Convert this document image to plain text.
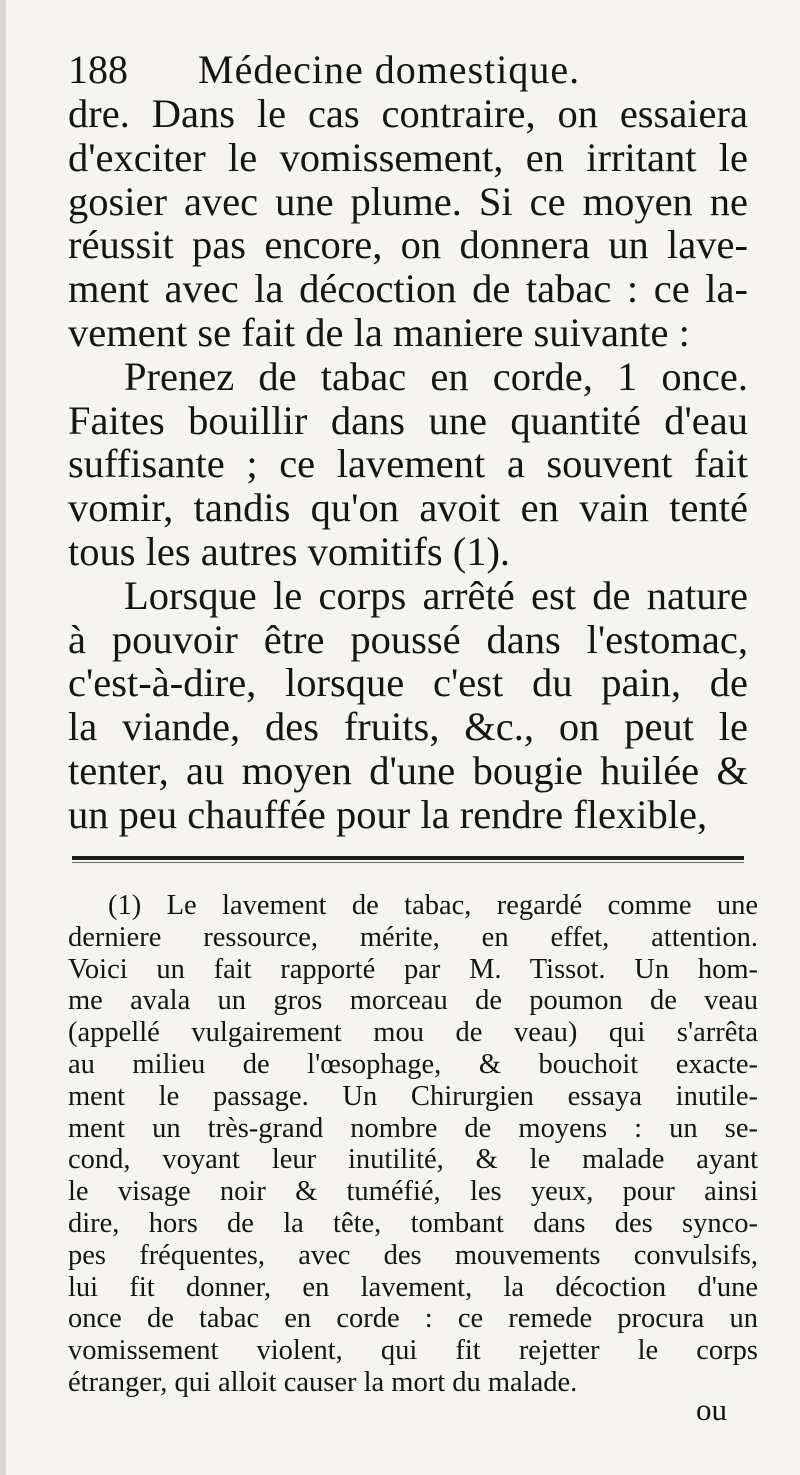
188 Médecine domestique.
dre. Dans le cas contraire, on essaiera
d'exciter le vomissement, en irritant le
gosier avec une plume. Si ce moyen ne
réussit pas encore, on donnera un lave-
ment avec la décoction de tabac : ce la-
vement se fait de la maniere suivante :
Prenez de tabac en corde, 1 once.
Faites bouillir dans une quantité d'eau
suffisante ; ce lavement a souvent fait
vomir, tandis qu'on avoit en vain tenté
tous les autres vomitifs (1).
Lorsque le corps arrêté est de nature
à pouvoir être poussé dans l'estomac,
c'est-à-dire, lorsque c'est du pain, de
la viande, des fruits, &c., on peut le
tenter, au moyen d'une bougie huilée &
un peu chauffée pour la rendre flexible,
(1) Le lavement de tabac, regardé comme une
derniere ressource, mérite, en effet, attention.
Voici un fait rapporté par M. Tissot. Un hom-
me avala un gros morceau de poumon de veau
(appellé vulgairement mou de veau) qui s'arrêta
au milieu de l'œsophage, & bouchoit exacte-
ment le passage. Un Chirurgien essaya inutile-
ment un très-grand nombre de moyens : un se-
cond, voyant leur inutilité, & le malade ayant
le visage noir & tuméfié, les yeux, pour ainsi
dire, hors de la tête, tombant dans des synco-
pes fréquentes, avec des mouvements convulsifs,
lui fit donner, en lavement, la décoction d'une
once de tabac en corde : ce remede procura un
vomissement violent, qui fit rejetter le corps
étranger, qui alloit causer la mort du malade.
ou
